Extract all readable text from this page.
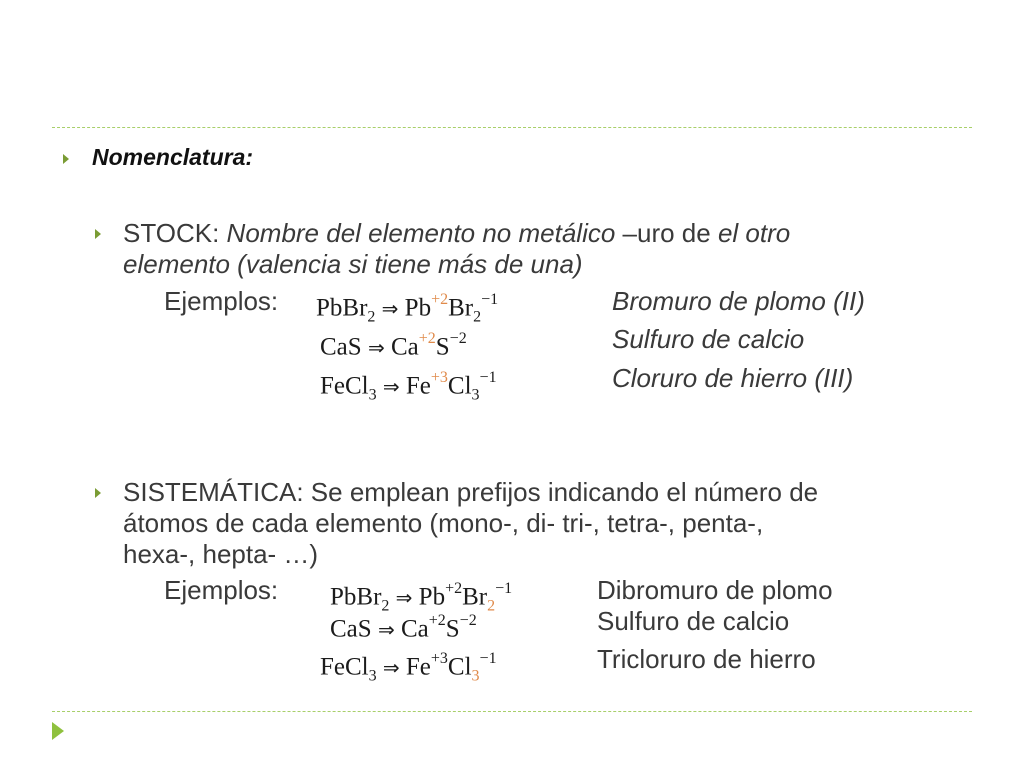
Nomenclatura:
STOCK: Nombre del elemento no metálico –uro de el otro
elemento (valencia si tiene más de una)
Ejemplos: PbBr$_2$ ⇒ $Pb^{+2}Br_2^{-1}$	Bromuro de plomo (II)
CaS ⇒ $Ca^{+2}S^{-2}$	Sulfuro de calcio
FeCl$_3$ ⇒ $Fe^{+3}Cl_3^{-1}$	Cloruro de hierro (III)
SISTEMÁTICA: Se emplean prefijos indicando el número de
átomos de cada elemento (mono-, di- tri-, tetra-, penta-,
hexa-, hepta- …)
Ejemplos: PbBr$_2$ ⇒ $Pb^{+2}Br_2^{-1}$	Dibromuro de plomo
CaS ⇒ $Ca^{+2}S^{-2}$	Sulfuro de calcio
FeCl$_3$ ⇒ $Fe^{+3}Cl_3^{-1}$	Tricloruro de hierro
